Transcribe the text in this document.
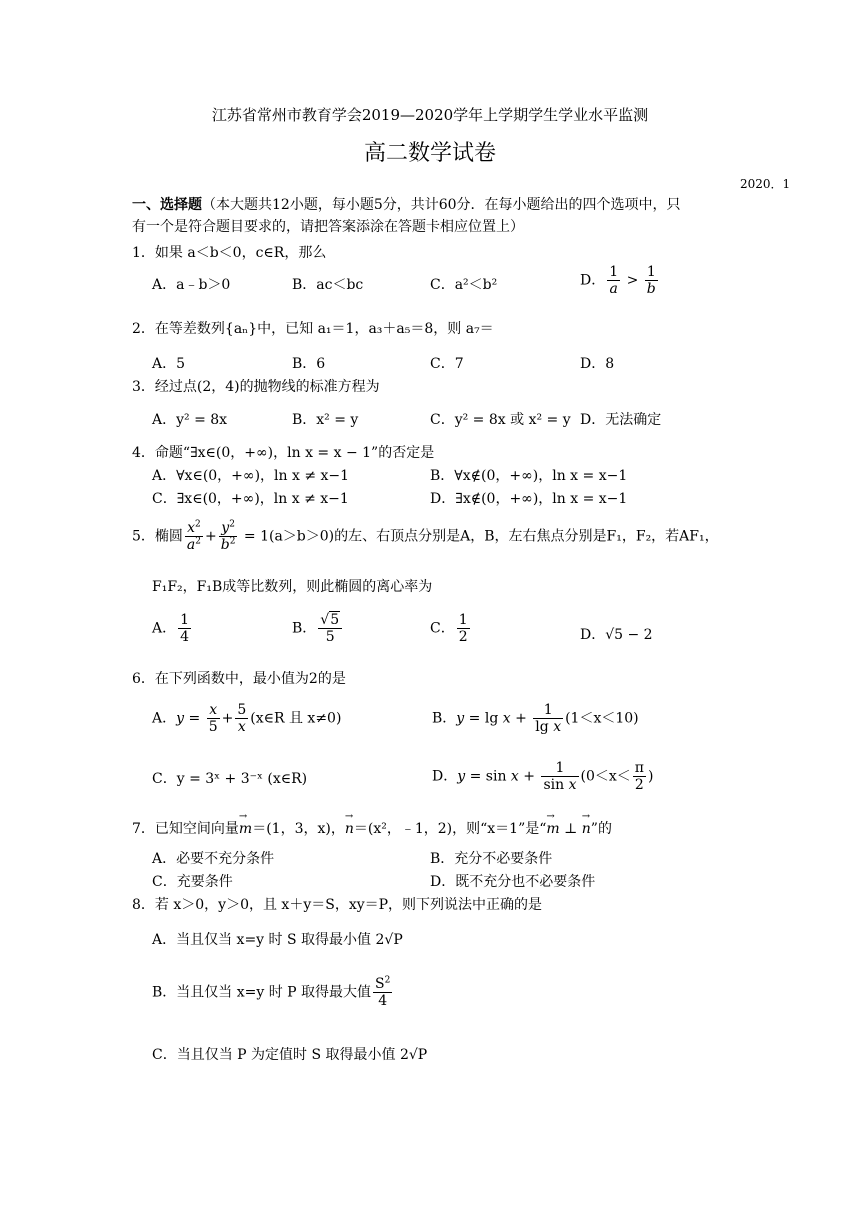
江苏省常州市教育学会2019—2020学年上学期学生学业水平监测
高二数学试卷
2020．1
一、选择题（本大题共12小题，每小题5分，共计60分．在每小题给出的四个选项中，只
有一个是符合题目要求的，请把答案添涂在答题卡相应位置上）
1．如果 a＜b＜0，c∈R，那么
A．a﹣b＞0	B．ac＜bc	C．a²＜b²	D． $\frac{1}{a} > \frac{1}{b}$
2．在等差数列{aₙ}中，已知 a₁＝1，a₃＋a₅＝8，则 a₇＝
A．5	B．6	C．7	D．8
3．经过点(2，4)的抛物线的标准方程为
A．y² = 8x	B．x² = y	C．y² = 8x 或 x² = y D．无法确定
4．命题“∃x∈(0，+∞)，ln x = x − 1”的否定是
A．∀x∈(0，+∞)，ln x ≠ x−1	B．∀x∉(0，+∞)，ln x = x−1
C．∃x∈(0，+∞)，ln x ≠ x−1	D．∃x∉(0，+∞)，ln x = x−1
5．椭圆 $\frac{x^2}{a^2} + \frac{y^2}{b^2} = 1(a>b>0)$的左、右顶点分别是A，B，左右焦点分别是F₁，F₂，若AF₁，
F₁F₂，F₁B成等比数列，则此椭圆的离心率为
A． $\frac{1}{4}$	B． $\frac{√5}{5}$	C． $\frac{1}{2}$	D．√5 − 2
6．在下列函数中，最小值为2的是
A．$y = \frac{x}{5} + \frac{5}{x}$ (x∈R 且 x≠0)	B．$y = \lg x + \frac{1}{\text{lg x}} (1<x<10)$
C．y = 3ˣ + 3⁻ˣ (x∈R)	D．$y = \sin x + \frac{1}{\text{sin x}} (0<x< \frac{\pi}{2}$ )
7．已知空间向量→ m＝(1，3，x)，→ n＝(x²，﹣1，2)，则“x＝1”是“→ m ⊥ → n”的
A．必要不充分条件	B．充分不必要条件
C．充要条件	D．既不充分也不必要条件
8．若 x＞0，y＞0，且 x＋y＝S，xy＝P，则下列说法中正确的是
A．当且仅当 x=y 时 S 取得最小值 2√P
B．当且仅当 x=y 时 P 取得最大值 $\frac{S^2}{4}$
C．当且仅当 P 为定值时 S 取得最小值 2√P
